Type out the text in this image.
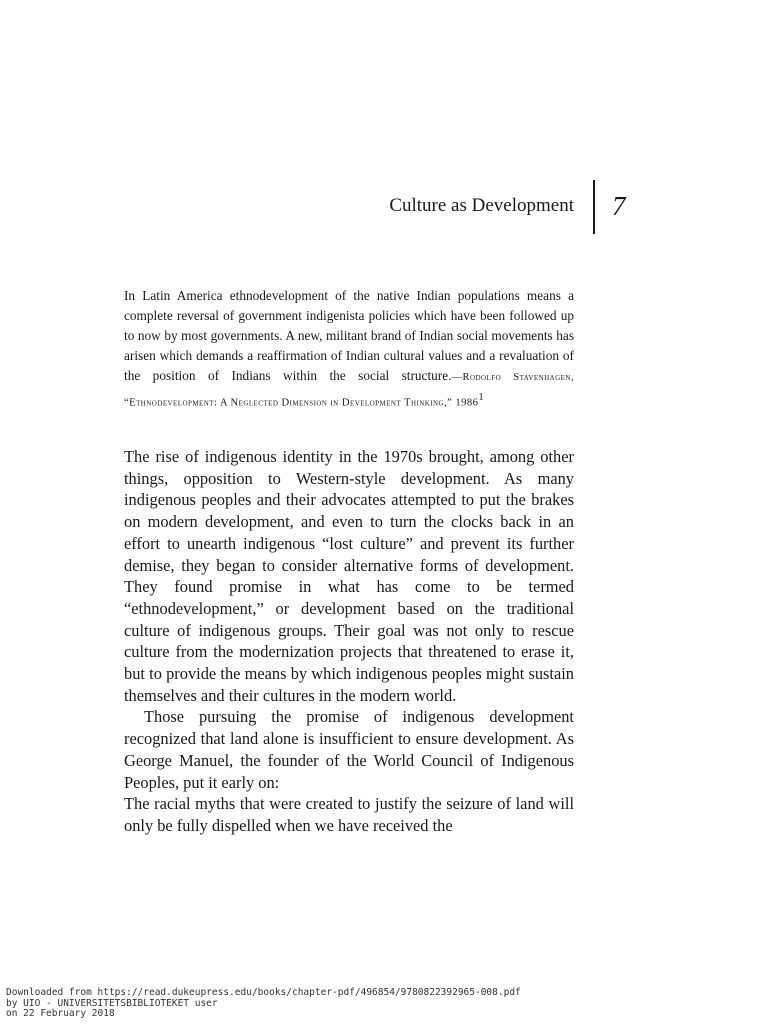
Culture as Development 7
In Latin America ethnodevelopment of the native Indian populations means a complete reversal of government indigenista policies which have been followed up to now by most governments. A new, militant brand of Indian social movements has arisen which demands a reaffirmation of Indian cultural values and a revaluation of the position of Indians within the social structure.—Rodolfo Stavenhagen, “Ethnodevelopment: A Neglected Dimension in Development Thinking,” 1986$^1$

The rise of indigenous identity in the 1970s brought, among other things, opposition to Western-style development. As many indigenous peoples and their advocates attempted to put the brakes on modern development, and even to turn the clocks back in an effort to unearth indigenous “lost culture” and prevent its further demise, they began to consider alternative forms of development. They found promise in what has come to be termed “ethnodevelopment,” or development based on the traditional culture of indigenous groups. Their goal was not only to rescue culture from the modernization projects that threatened to erase it, but to provide the means by which indigenous peoples might sustain themselves and their cultures in the modern world.

Those pursuing the promise of indigenous development recognized that land alone is insufficient to ensure development. As George Manuel, the founder of the World Council of Indigenous Peoples, put it early on:

The racial myths that were created to justify the seizure of land will only be fully dispelled when we have received the

Downloaded from https://read.dukeupress.edu/books/chapter-pdf/496854/9780822392965-008.pdf
by UIO - UNIVERSITETSBIBLIOTEKET user
on 22 February 2018
